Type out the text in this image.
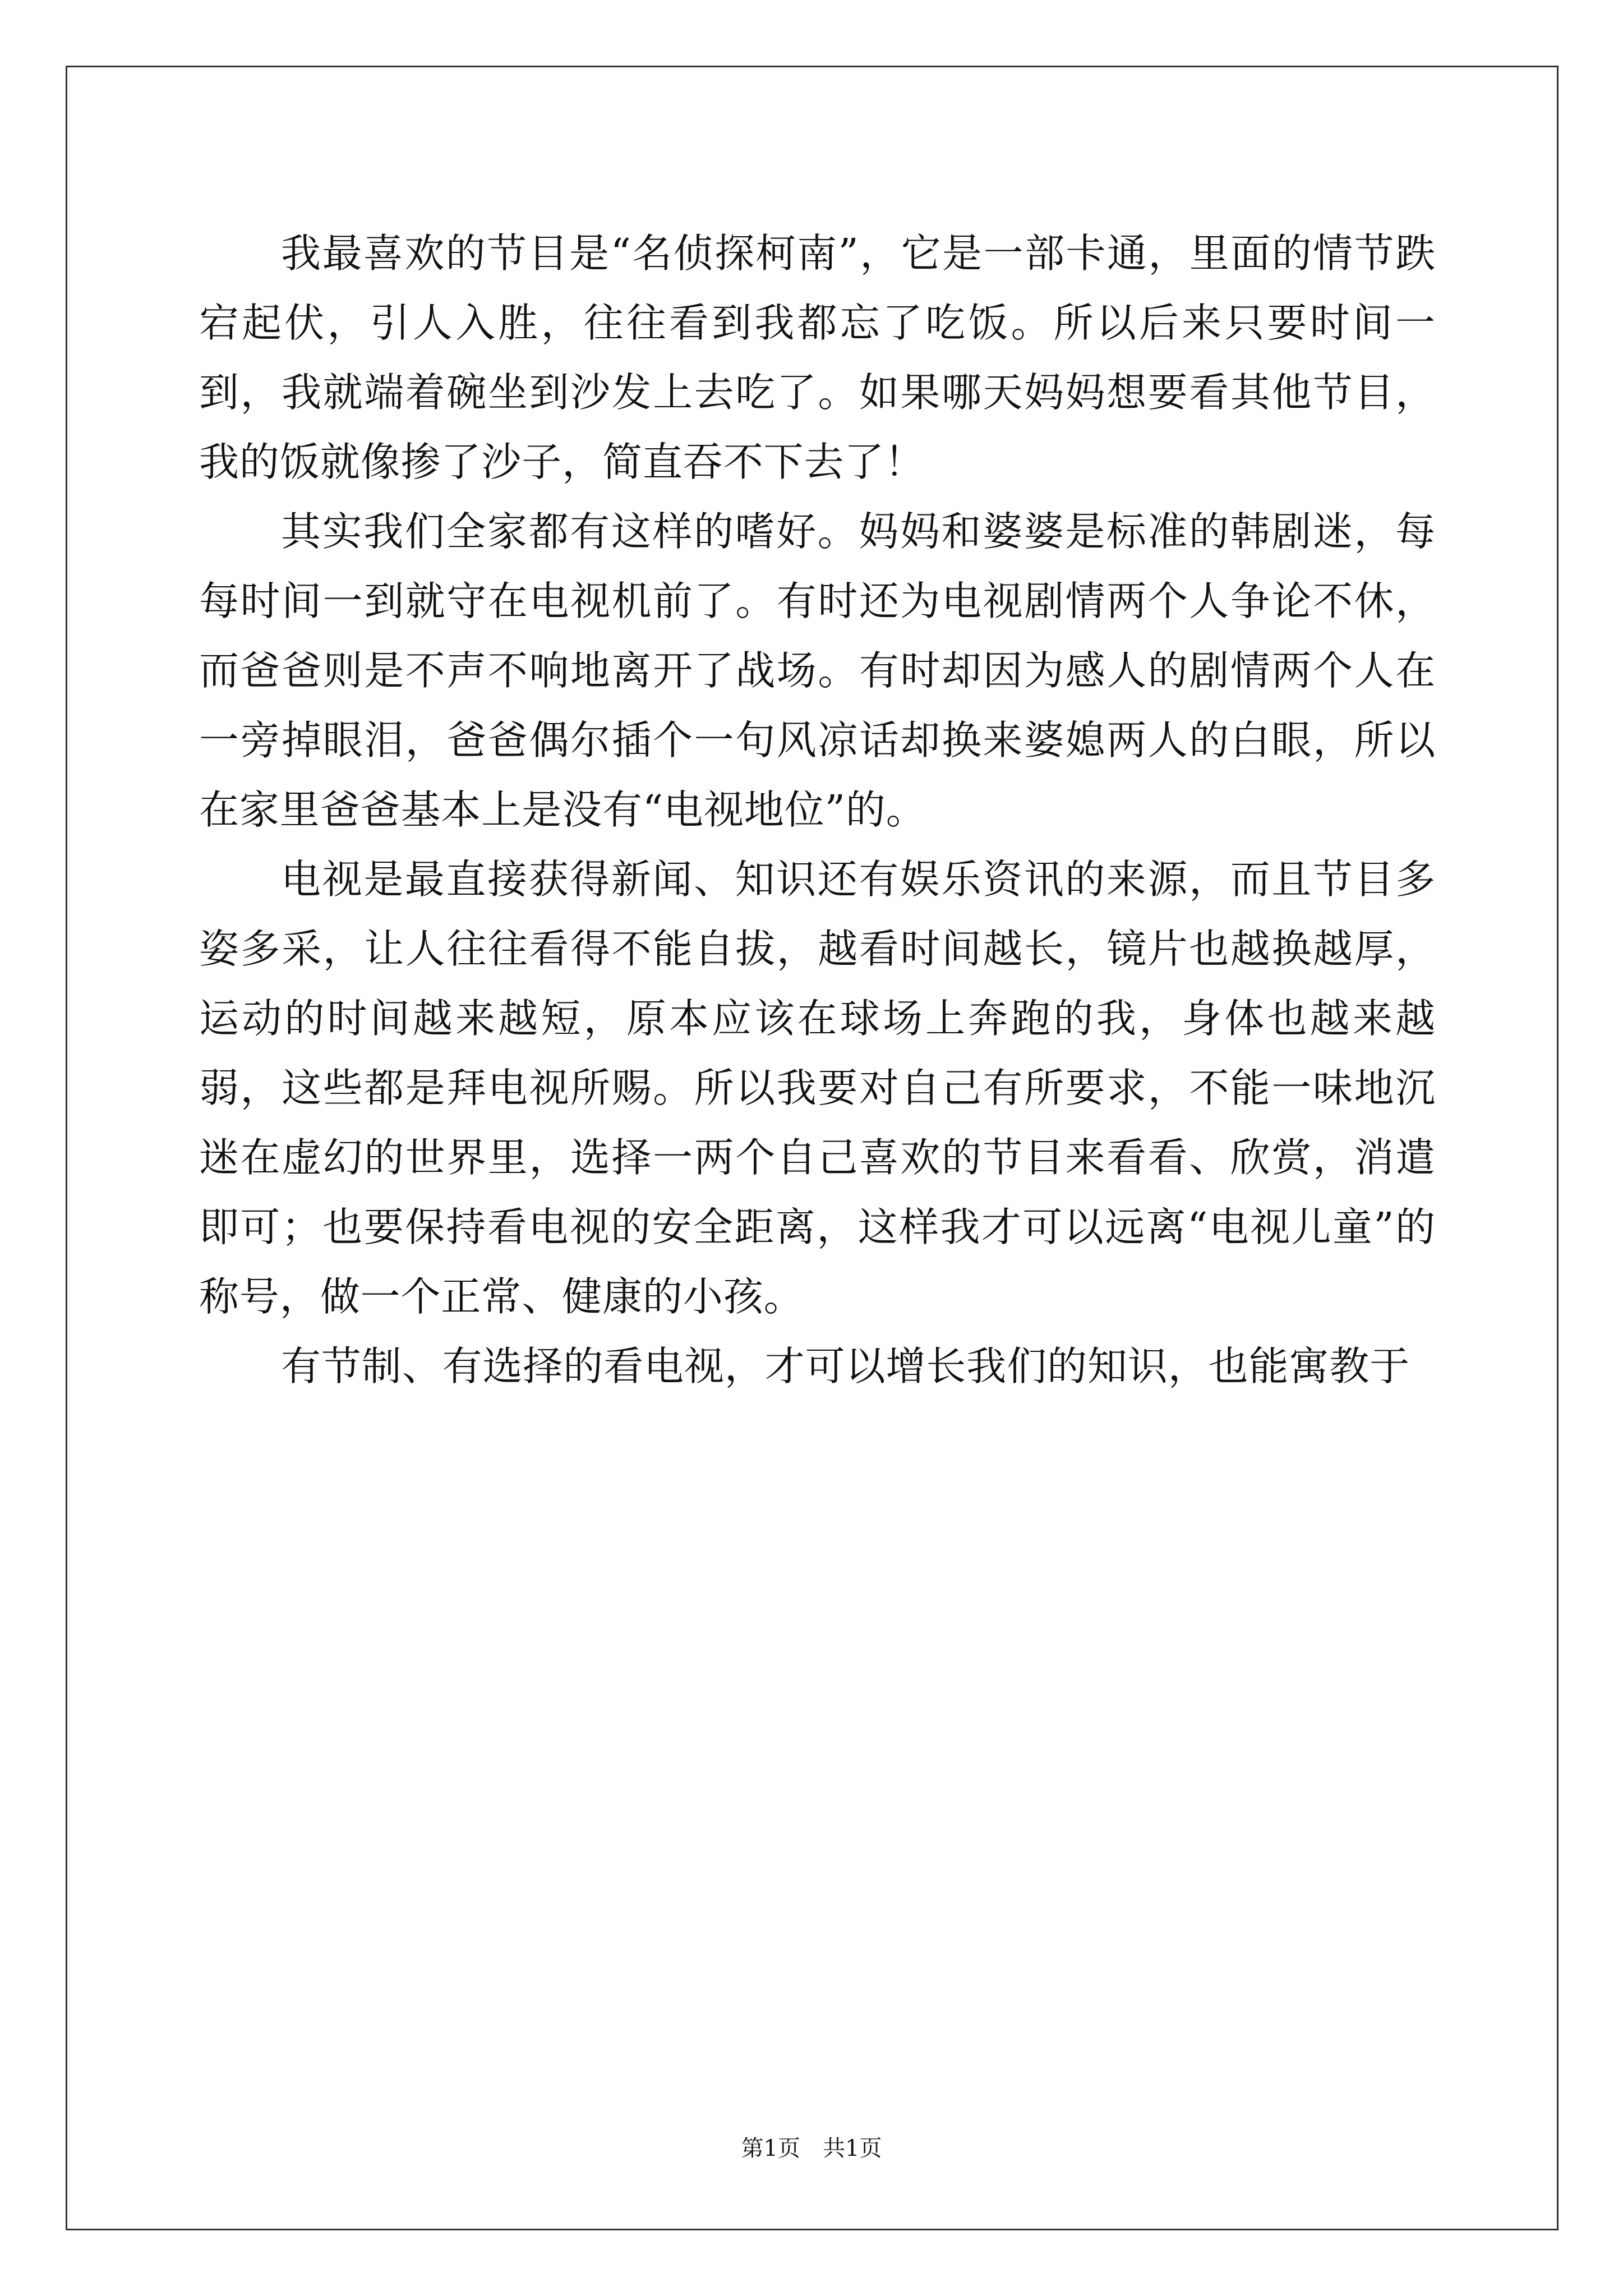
我最喜欢的节目是“名侦探柯南”，它是一部卡通，里面的情节跌宕起伏，引人入胜，往往看到我都忘了吃饭。所以后来只要时间一到，我就端着碗坐到沙发上去吃了。如果哪天妈妈想要看其他节目，我的饭就像掺了沙子，简直吞不下去了！

其实我们全家都有这样的嗜好。妈妈和婆婆是标准的韩剧迷，每每时间一到就守在电视机前了。有时还为电视剧情两个人争论不休，而爸爸则是不声不响地离开了战场。有时却因为感人的剧情两个人在一旁掉眼泪，爸爸偶尔插个一句风凉话却换来婆媳两人的白眼，所以在家里爸爸基本上是没有“电视地位”的。

电视是最直接获得新闻、知识还有娱乐资讯的来源，而且节目多姿多采，让人往往看得不能自拔，越看时间越长，镜片也越换越厚，运动的时间越来越短，原本应该在球场上奔跑的我，身体也越来越弱，这些都是拜电视所赐。所以我要对自己有所要求，不能一味地沉迷在虚幻的世界里，选择一两个自己喜欢的节目来看看、欣赏，消遣即可；也要保持看电视的安全距离，这样我才可以远离“电视儿童”的称号，做一个正常、健康的小孩。

有节制、有选择的看电视，才可以增长我们的知识，也能寓教于

第1页　共1页
